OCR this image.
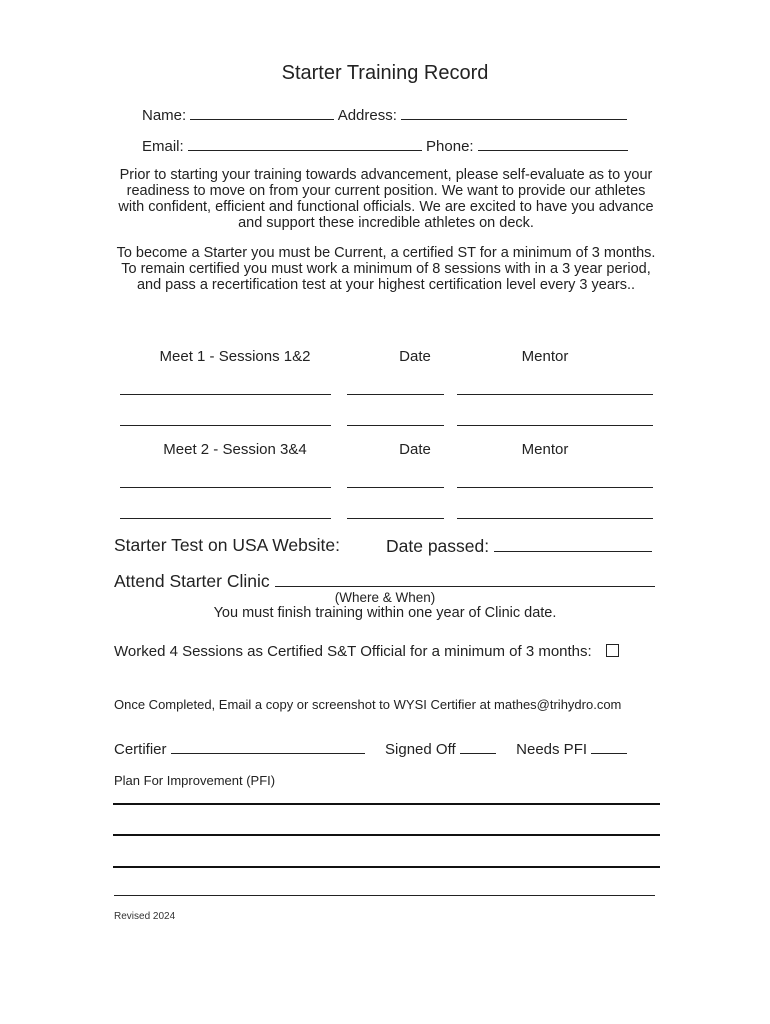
Starter Training Record
Name:	Address:
Email:	Phone:
Prior to starting your training towards advancement, please self-evaluate as to your readiness to move on from your current position. We want to provide our athletes with confident, efficient and functional officials. We are excited to have you advance and support these incredible athletes on deck.
To become a Starter you must be Current, a certified ST for a minimum of 3 months. To remain certified you must work a minimum of 8 sessions with in a 3 year period, and pass a recertification test at your highest certification level every 3 years..
Meet 1 - Sessions 1&2	Date	Mentor
Meet 2 - Session 3&4	Date	Mentor
Starter Test on USA Website:	Date passed:
Attend Starter Clinic
(Where & When)
You must finish training within one year of Clinic date.
Worked 4 Sessions as Certified S&T Official for a minimum of 3 months:
Once Completed, Email a copy or screenshot to WYSI Certifier at mathes@trihydro.com
Certifier	Signed Off	Needs PFI
Plan For Improvement (PFI)
Revised 2024
